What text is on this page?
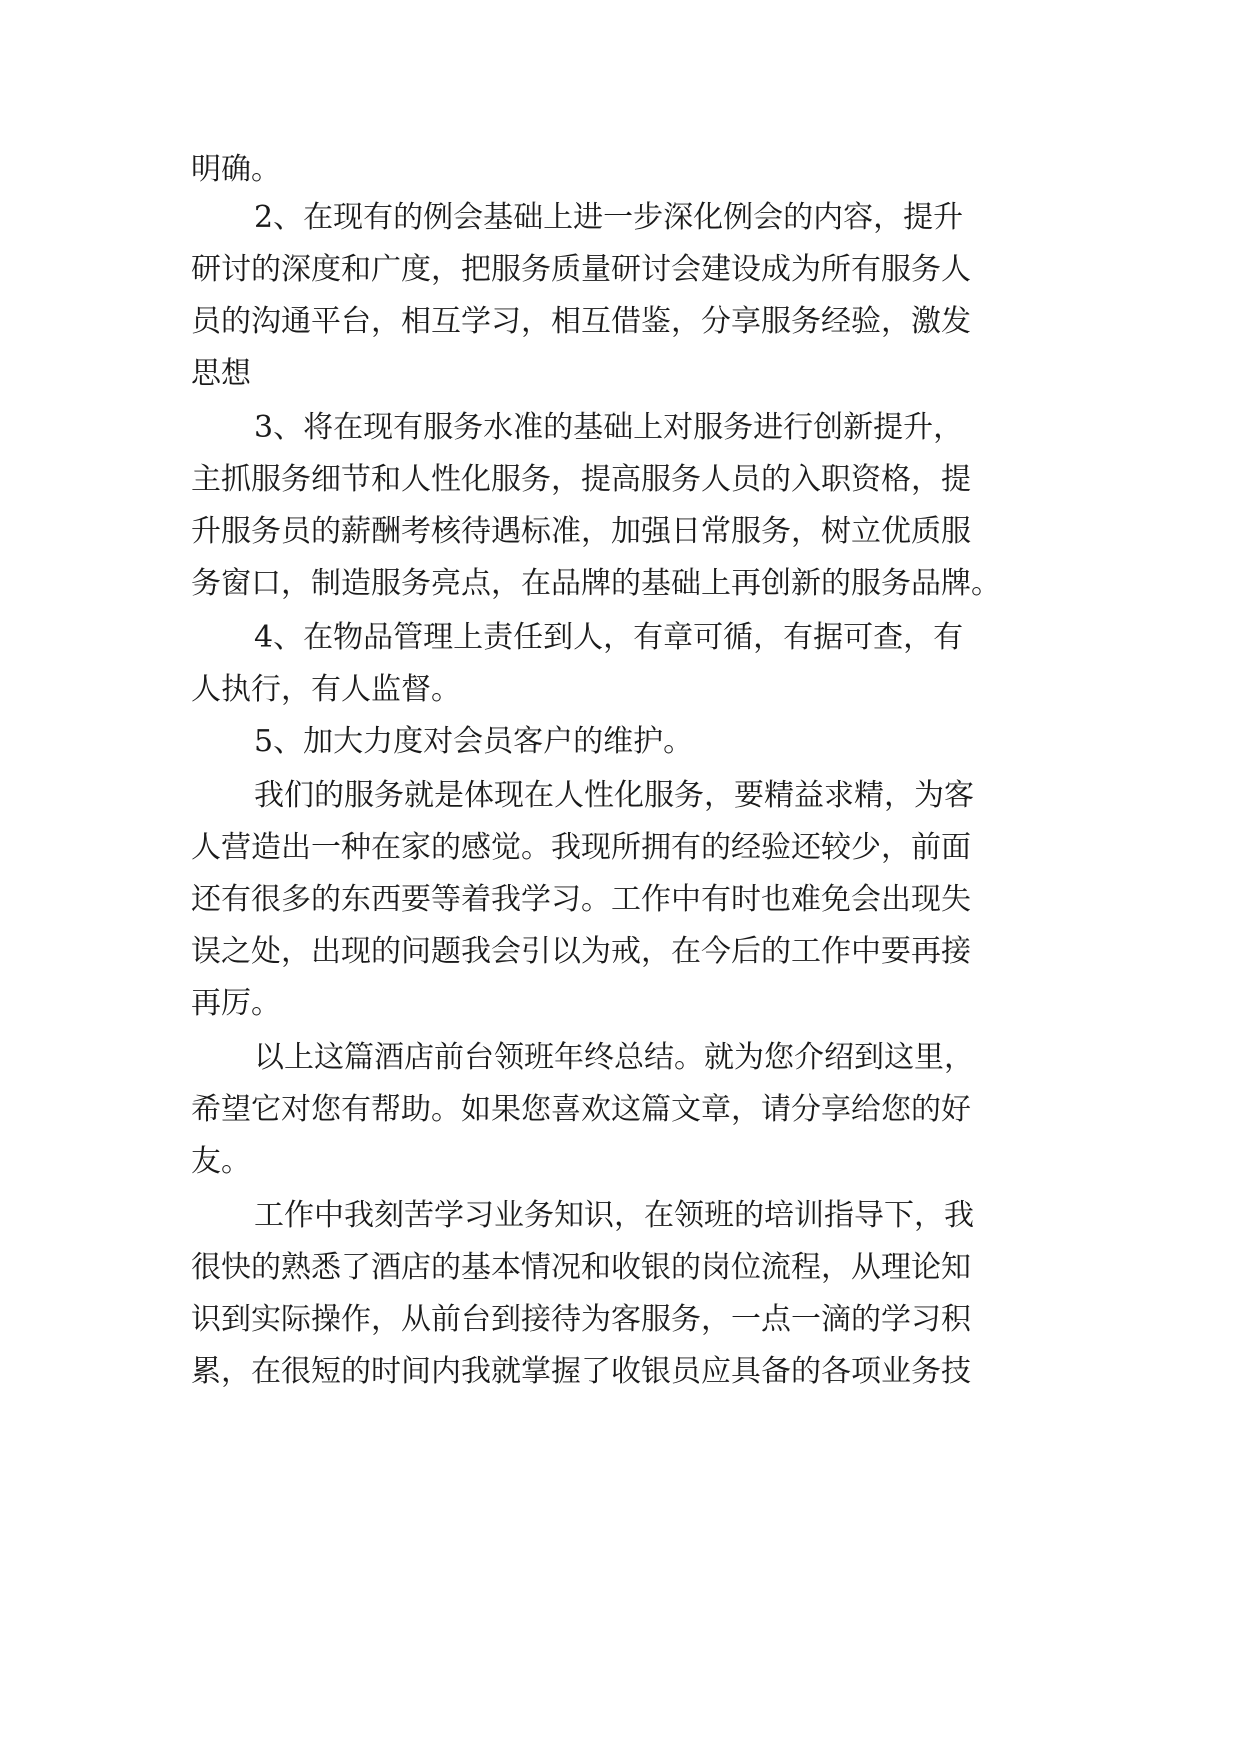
明确。
2、在现有的例会基础上进一步深化例会的内容，提升
研讨的深度和广度，把服务质量研讨会建设成为所有服务人
员的沟通平台，相互学习，相互借鉴，分享服务经验，激发
思想
3、将在现有服务水准的基础上对服务进行创新提升，
主抓服务细节和人性化服务，提高服务人员的入职资格，提
升服务员的薪酬考核待遇标准，加强日常服务，树立优质服
务窗口，制造服务亮点，在品牌的基础上再创新的服务品牌。
4、在物品管理上责任到人，有章可循，有据可查，有
人执行，有人监督。
5、加大力度对会员客户的维护。
我们的服务就是体现在人性化服务，要精益求精，为客
人营造出一种在家的感觉。我现所拥有的经验还较少，前面
还有很多的东西要等着我学习。工作中有时也难免会出现失
误之处，出现的问题我会引以为戒，在今后的工作中要再接
再厉。
以上这篇酒店前台领班年终总结。就为您介绍到这里，
希望它对您有帮助。如果您喜欢这篇文章，请分享给您的好
友。
工作中我刻苦学习业务知识，在领班的培训指导下，我
很快的熟悉了酒店的基本情况和收银的岗位流程，从理论知
识到实际操作，从前台到接待为客服务，一点一滴的学习积
累，在很短的时间内我就掌握了收银员应具备的各项业务技
